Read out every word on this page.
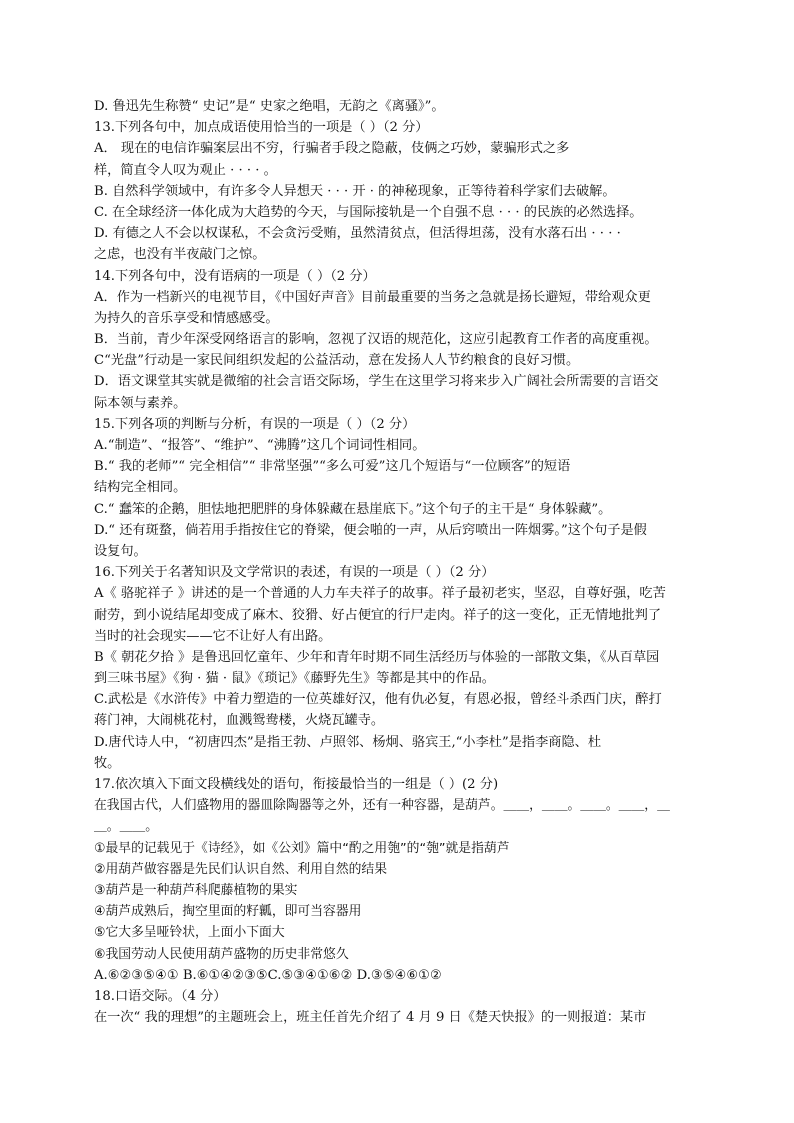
D. 鲁迅先生称赞“ 史记”是“ 史家之绝唱，无韵之《离骚》”。
13.下列各句中，加点成语使用恰当的一项是（ ）（2 分）
A． 现在的电信诈骗案层出不穷，行骗者手段之隐蔽，伎俩之巧妙，蒙骗形式之多
样，简直令人叹为观止 · · · · 。
B. 自然科学领域中，有许多令人异想天 · · · 开 · 的神秘现象，正等待着科学家们去破解。
C. 在全球经济一体化成为大趋势的今天，与国际接轨是一个自强不息 · · · 的民族的必然选择。
D. 有德之人不会以权谋私，不会贪污受贿，虽然清贫点，但活得坦荡，没有水落石出 · · · ·
之虑，也没有半夜敲门之惊。
14.下列各句中，没有语病的一项是（ ）（2 分）
A．作为一档新兴的电视节目，《中国好声音》目前最重要的当务之急就是扬长避短，带给观众更
为持久的音乐享受和情感感受。
B．当前，青少年深受网络语言的影响，忽视了汉语的规范化，这应引起教育工作者的高度重视。
C“光盘”行动是一家民间组织发起的公益活动，意在发扬人人节约粮食的良好习惯。
D．语文课堂其实就是微缩的社会言语交际场，学生在这里学习将来步入广阔社会所需要的言语交
际本领与素养。
15.下列各项的判断与分析，有误的一项是（ ）（2 分）
A.“制造”、“报答”、“维护”、“沸腾”这几个词词性相同。
B.“ 我的老师”“ 完全相信”“ 非常坚强”“多么可爱”这几个短语与“一位顾客”的短语
结构完全相同。
C.“ 蠢笨的企鹅，胆怯地把肥胖的身体躲藏在悬崖底下。”这个句子的主干是“ 身体躲藏”。
D.“ 还有斑蝥，倘若用手指按住它的脊梁，便会啪的一声，从后窍喷出一阵烟雾。”这个句子是假
设复句。
16.下列关于名著知识及文学常识的表述，有误的一项是（ ）（2 分）
A《 骆驼祥子 》讲述的是一个普通的人力车夫祥子的故事。祥子最初老实，坚忍，自尊好强，吃苦
耐劳，到小说结尾却变成了麻木、狡猾、好占便宜的行尸走肉。祥子的这一变化，正无情地批判了
当时的社会现实——它不让好人有出路。
B《 朝花夕拾 》是鲁迅回忆童年、少年和青年时期不同生活经历与体验的一部散文集，《从百草园
到三味书屋》《狗 · 猫 · 鼠》《琐记》《藤野先生》等都是其中的作品。
C.武松是《水浒传》中着力塑造的一位英雄好汉，他有仇必复，有恩必报，曾经斗杀西门庆，醉打
蒋门神，大闹桃花村，血溅鸳鸯楼，火烧瓦罐寺。
D.唐代诗人中，“初唐四杰”是指王勃、卢照邻、杨炯、骆宾王,“小李杜”是指李商隐、杜
牧。
17.依次填入下面文段横线处的语句，衔接最恰当的一组是（ ）(2 分)
在我国古代，人们盛物用的器皿除陶器等之外，还有一种容器，是葫芦。＿＿，＿＿。＿＿。＿＿，＿
＿。＿＿。
①最早的记载见于《诗经》，如《公刘》篇中“酌之用匏”的“匏”就是指葫芦
②用葫芦做容器是先民们认识自然、利用自然的结果
③葫芦是一种葫芦科爬藤植物的果实
④葫芦成熟后，掏空里面的籽瓤，即可当容器用
⑤它大多呈哑铃状，上面小下面大
⑥我国劳动人民使用葫芦盛物的历史非常悠久
A.⑥②③⑤④① B.⑥①④②③⑤C.⑤③④①⑥② D.③⑤④⑥①②
18.口语交际。（4 分）
在一次“ 我的理想”的主题班会上，班主任首先介绍了 4 月 9 日《楚天快报》的一则报道：某市
